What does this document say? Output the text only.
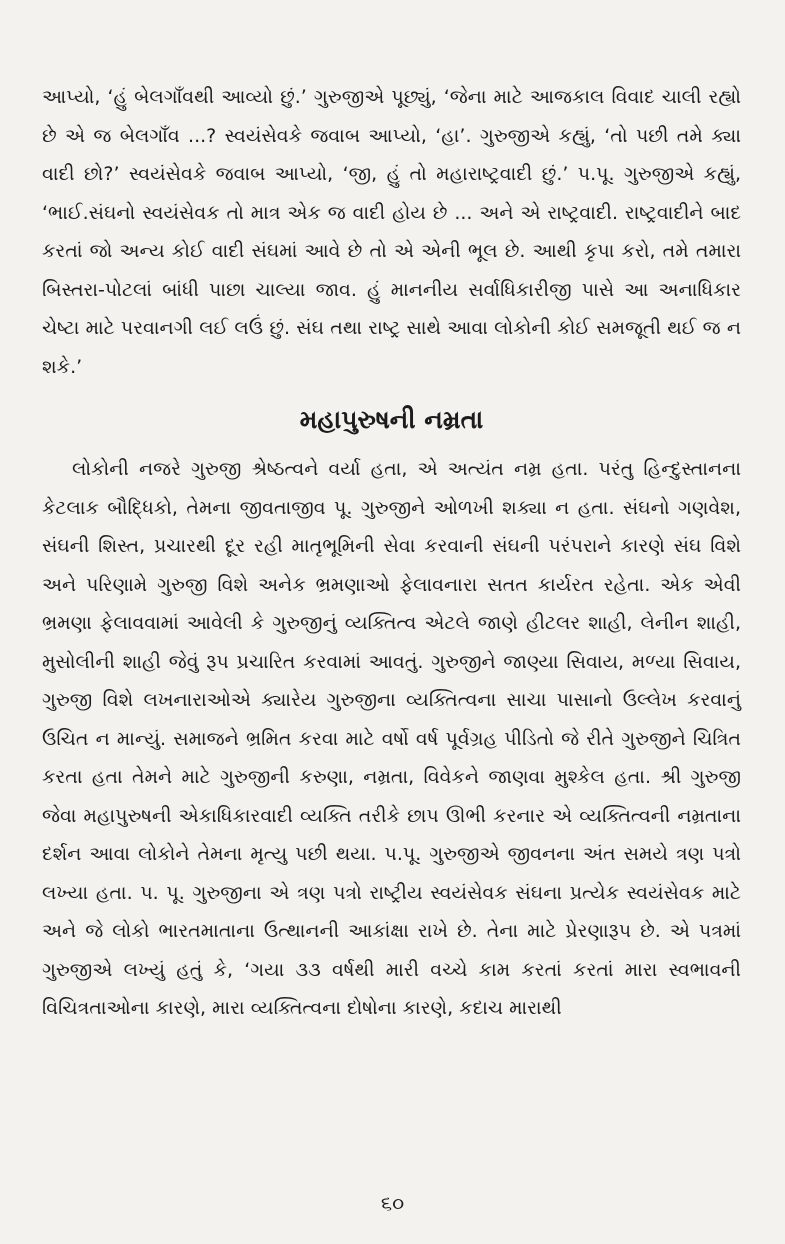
આપ્યો, ‘હું બેલગાઁવથી આવ્યો છું.’ ગુરુજીએ પૂછ્યું, ‘જેના માટે આજકાલ વિવાદ ચાલી રહ્યો છે એ જ બેલગાઁવ ...? સ્વયંસેવકે જવાબ આપ્યો, ‘હા’. ગુરુજીએ કહ્યું, ‘તો પછી તમે ક્યા વાદી છો?’ સ્વયંસેવકે જવાબ આપ્યો, ‘જી, હું તો મહારાષ્ટ્રવાદી છું.’ પ.પૂ. ગુરુજીએ કહ્યું, ‘ભાઈ.સંઘનો સ્વયંસેવક તો માત્ર એક જ વાદી હોય છે ... અને એ રાષ્ટ્રવાદી. રાષ્ટ્રવાદીને બાદ કરતાં જો અન્ય કોઈ વાદી સંઘમાં આવે છે તો એ એની ભૂલ છે. આથી કૃપા કરો, તમે તમારા બિસ્તરા-પોટલાં બાંધી પાછા ચાલ્યા જાવ. હું માનનીય સર્વાધિકારીજી પાસે આ અનાધિકાર ચેષ્ટા માટે પરવાનગી લઈ લઉં છું. સંઘ તથા રાષ્ટ્ર સાથે આવા લોકોની કોઈ સમજૂતી થઈ જ ન શકે.’

મહાપુરુષની નમ્રતા

લોકોની નજરે ગુરુજી શ્રેષ્ઠત્વને વર્યા હતા, એ અત્યંત નમ્ર હતા. પરંતુ હિન્દુસ્તાનના કેટલાક બૌદ્ધિકો, તેમના જીવતાજીવ પૂ. ગુરુજીને ઓળખી શક્યા ન હતા. સંઘનો ગણવેશ, સંઘની શિસ્ત, પ્રચારથી દૂર રહી માતૃભૂમિની સેવા કરવાની સંઘની પરંપરાને કારણે સંઘ વિશે અને પરિણામે ગુરુજી વિશે અનેક ભ્રમણાઓ ફેલાવનારા સતત કાર્યરત રહેતા. એક એવી ભ્રમણા ફેલાવવામાં આવેલી કે ગુરુજીનું વ્યક્તિત્વ એટલે જાણે હીટલર શાહી, લેનીન શાહી, મુસોલીની શાહી જેવું રૂપ પ્રચારિત કરવામાં આવતું. ગુરુજીને જાણ્યા સિવાય, મળ્યા સિવાય, ગુરુજી વિશે લખનારાઓએ ક્યારેય ગુરુજીના વ્યક્તિત્વના સાચા પાસાનો ઉલ્લેખ કરવાનું ઉચિત ન માન્યું. સમાજને ભ્રમિત કરવા માટે વર્ષો વર્ષ પૂર્વગ્રહ પીડિતો જે રીતે ગુરુજીને ચિત્રિત કરતા હતા તેમને માટે ગુરુજીની કરુણા, નમ્રતા, વિવેકને જાણવા મુશ્કેલ હતા. શ્રી ગુરુજી જેવા મહાપુરુષની એકાધિકારવાદી વ્યક્તિ તરીકે છાપ ઊભી કરનાર એ વ્યક્તિત્વની નમ્રતાના દર્શન આવા લોકોને તેમના મૃત્યુ પછી થયા. પ.પૂ. ગુરુજીએ જીવનના અંત સમયે ત્રણ પત્રો લખ્યા હતા. પ. પૂ. ગુરુજીના એ ત્રણ પત્રો રાષ્ટ્રીય સ્વયંસેવક સંઘના પ્રત્યેક સ્વયંસેવક માટે અને જે લોકો ભારતમાતાના ઉત્થાનની આકાંક્ષા રાખે છે. તેના માટે પ્રેરણારૂપ છે. એ પત્રમાં ગુરુજીએ લખ્યું હતું કે, ‘ગયા ૩૩ વર્ષથી મારી વચ્ચે કામ કરતાં કરતાં મારા સ્વભાવની વિચિત્રતાઓના કારણે, મારા વ્યક્તિત્વના દોષોના કારણે, કદાચ મારાથી

૬૦
